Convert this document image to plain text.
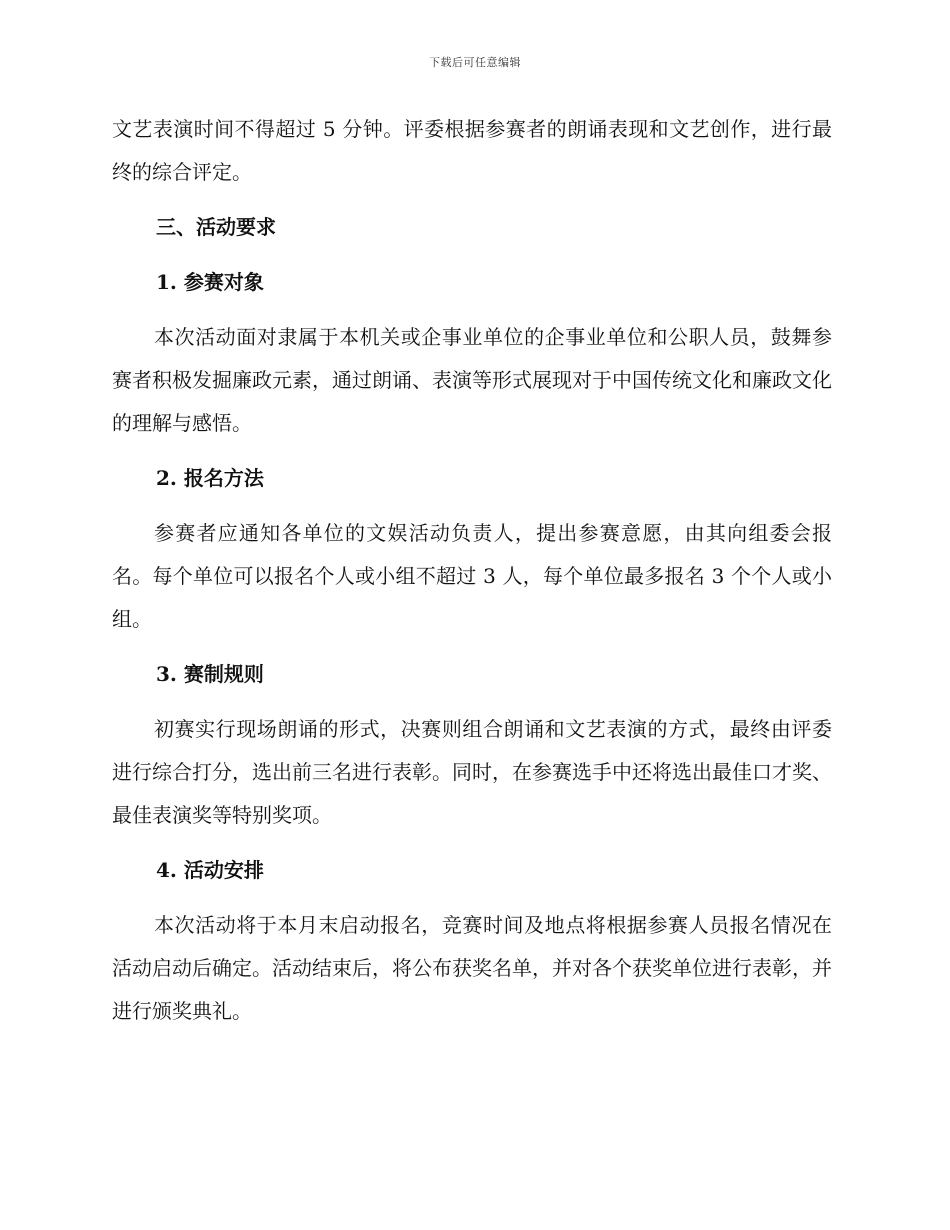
下载后可任意编辑

文艺表演时间不得超过 5 分钟。评委根据参赛者的朗诵表现和文艺创作，进行最终的综合评定。

三、活动要求

1. 参赛对象

本次活动面对隶属于本机关或企事业单位的企事业单位和公职人员，鼓舞参赛者积极发掘廉政元素，通过朗诵、表演等形式展现对于中国传统文化和廉政文化的理解与感悟。

2. 报名方法

参赛者应通知各单位的文娱活动负责人，提出参赛意愿，由其向组委会报名。每个单位可以报名个人或小组不超过 3 人，每个单位最多报名 3 个个人或小组。

3. 赛制规则

初赛实行现场朗诵的形式，决赛则组合朗诵和文艺表演的方式，最终由评委进行综合打分，选出前三名进行表彰。同时，在参赛选手中还将选出最佳口才奖、最佳表演奖等特别奖项。

4. 活动安排

本次活动将于本月末启动报名，竞赛时间及地点将根据参赛人员报名情况在活动启动后确定。活动结束后，将公布获奖名单，并对各个获奖单位进行表彰，并进行颁奖典礼。
